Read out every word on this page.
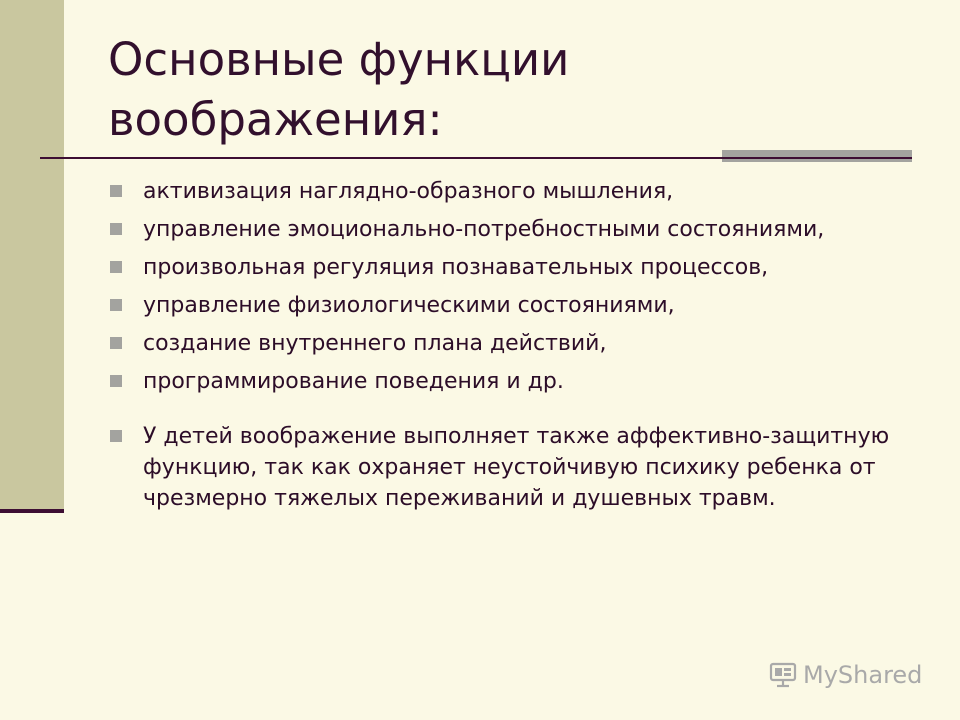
Основные функции
воображения:
активизация наглядно-образного мышления,
управление эмоционально-потребностными состояниями,
произвольная регуляция познавательных процессов,
управление физиологическими состояниями,
создание внутреннего плана действий,
программирование поведения и др.
У детей воображение выполняет также аффективно-защитную функцию, так как охраняет неустойчивую психику ребенка от чрезмерно тяжелых переживаний и душевных травм.
MyShared
